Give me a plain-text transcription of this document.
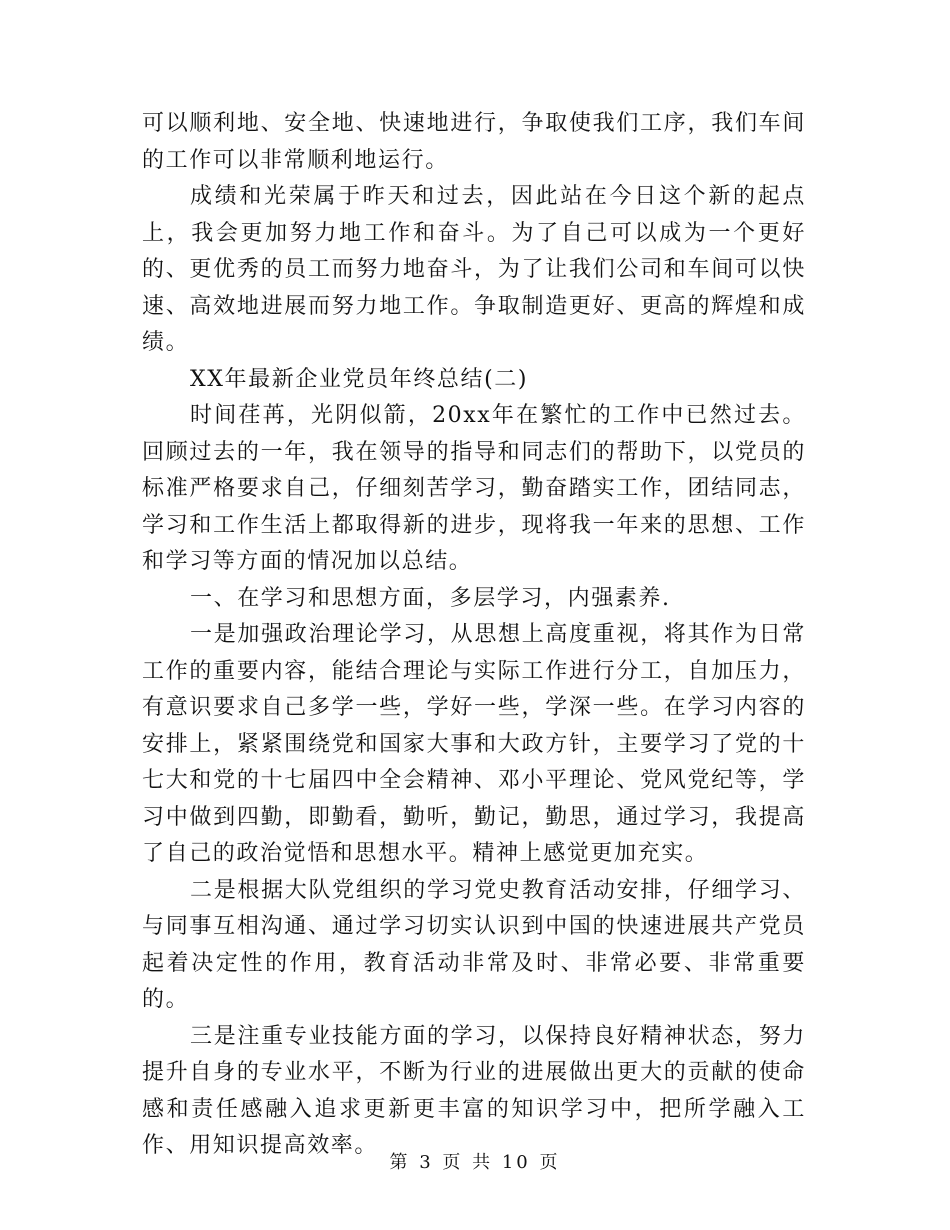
可以顺利地、安全地、快速地进行，争取使我们工序，我们车间的工作可以非常顺利地运行。

成绩和光荣属于昨天和过去，因此站在今日这个新的起点上，我会更加努力地工作和奋斗。为了自己可以成为一个更好的、更优秀的员工而努力地奋斗，为了让我们公司和车间可以快速、高效地进展而努力地工作。争取制造更好、更高的辉煌和成绩。

XX年最新企业党员年终总结(二)

时间荏苒，光阴似箭，20xx年在繁忙的工作中已然过去。回顾过去的一年，我在领导的指导和同志们的帮助下，以党员的标准严格要求自己，仔细刻苦学习，勤奋踏实工作，团结同志，学习和工作生活上都取得新的进步，现将我一年来的思想、工作和学习等方面的情况加以总结。

一、在学习和思想方面，多层学习，内强素养.

一是加强政治理论学习，从思想上高度重视，将其作为日常工作的重要内容，能结合理论与实际工作进行分工，自加压力，有意识要求自己多学一些，学好一些，学深一些。在学习内容的安排上，紧紧围绕党和国家大事和大政方针，主要学习了党的十七大和党的十七届四中全会精神、邓小平理论、党风党纪等，学习中做到四勤，即勤看，勤听，勤记，勤思，通过学习，我提高了自己的政治觉悟和思想水平。精神上感觉更加充实。

二是根据大队党组织的学习党史教育活动安排，仔细学习、与同事互相沟通、通过学习切实认识到中国的快速进展共产党员起着决定性的作用，教育活动非常及时、非常必要、非常重要的。

三是注重专业技能方面的学习，以保持良好精神状态，努力提升自身的专业水平，不断为行业的进展做出更大的贡献的使命感和责任感融入追求更新更丰富的知识学习中，把所学融入工作、用知识提高效率。

第 3 页 共 10 页
